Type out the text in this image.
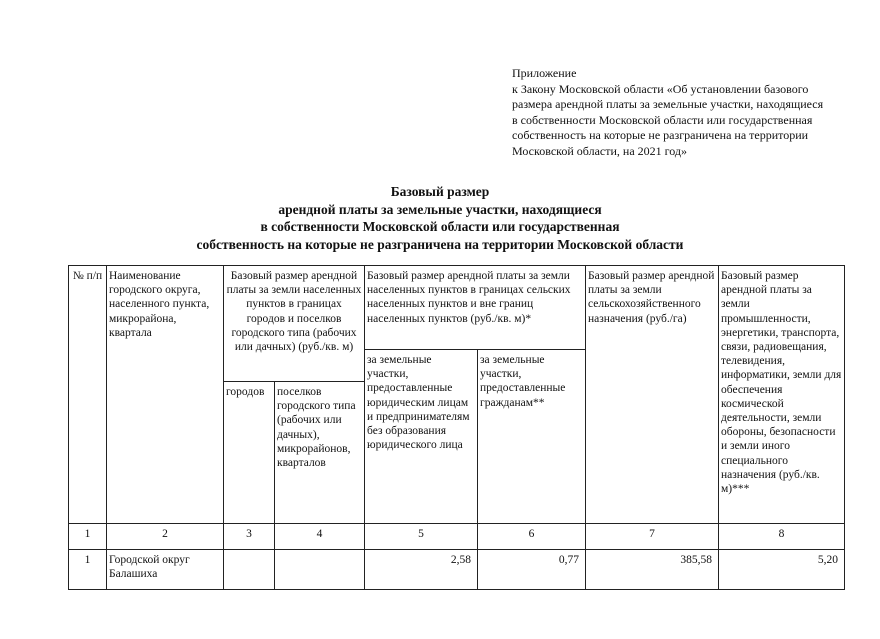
Приложение
к Закону Московской области «Об установлении базового
размера арендной платы за земельные участки, находящиеся
в собственности Московской области или государственная
собственность на которые не разграничена на территории
Московской области, на 2021 год»
Базовый размер
арендной платы за земельные участки, находящиеся
в собственности Московской области или государственная
собственность на которые не разграничена на территории Московской области
№ п/п	Наименование городского округа, населенного пункта, микрорайона, квартала	Базовый размер арендной платы за земли населенных пунктов в границах городов и поселков городского типа (рабочих или дачных) (руб./кв. м)		Базовый размер арендной платы за земли населенных пунктов в границах сельских населенных пунктов и вне границ населенных пунктов (руб./кв. м)*		Базовый размер арендной платы за земли сельскохозяйственного назначения (руб./га)	Базовый размер арендной платы за земли промышленности, энергетики, транспорта, связи, радиовещания, телевидения, информатики, земли для обеспечения космической деятельности, земли обороны, безопасности и земли иного специального назначения (руб./кв. м)***
				за земельные участки, предоставленные юридическим лицам и предпринимателям без образования юридического лица	за земельные участки, предоставленные гражданам**		
		городов	поселков городского типа (рабочих или дачных), микрорайонов, кварталов				
1	2	3	4	5	6	7	8
1	Городской округ Балашиха			2,58	0,77	385,58	5,20
